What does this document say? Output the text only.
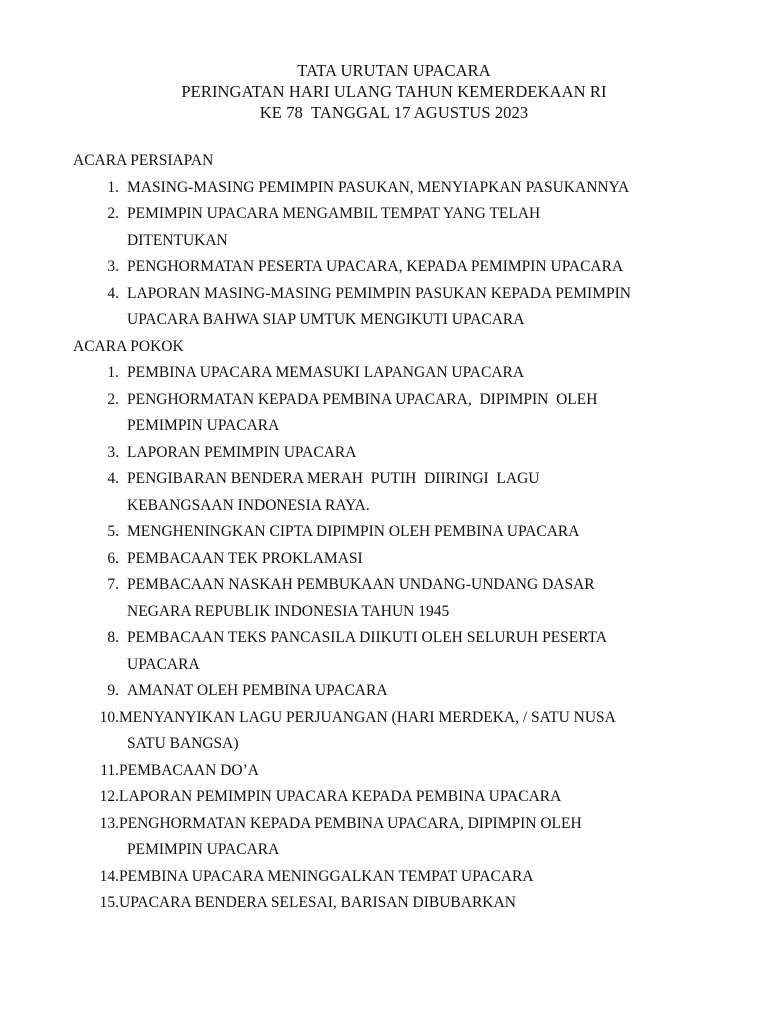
TATA URUTAN UPACARA
PERINGATAN HARI ULANG TAHUN KEMERDEKAAN RI
KE 78  TANGGAL 17 AGUSTUS 2023
ACARA PERSIAPAN
1. MASING-MASING PEMIMPIN PASUKAN, MENYIAPKAN PASUKANNYA
2. PEMIMPIN UPACARA MENGAMBIL TEMPAT YANG TELAH
DITENTUKAN
3. PENGHORMATAN PESERTA UPACARA, KEPADA PEMIMPIN UPACARA
4. LAPORAN MASING-MASING PEMIMPIN PASUKAN KEPADA PEMIMPIN
UPACARA BAHWA SIAP UMTUK MENGIKUTI UPACARA
ACARA POKOK
1. PEMBINA UPACARA MEMASUKI LAPANGAN UPACARA
2. PENGHORMATAN KEPADA PEMBINA UPACARA,  DIPIMPIN  OLEH
PEMIMPIN UPACARA
3. LAPORAN PEMIMPIN UPACARA
4. PENGIBARAN BENDERA MERAH  PUTIH  DIIRINGI  LAGU
KEBANGSAAN INDONESIA RAYA.
5. MENGHENINGKAN CIPTA DIPIMPIN OLEH PEMBINA UPACARA
6. PEMBACAAN TEK PROKLAMASI
7. PEMBACAAN NASKAH PEMBUKAAN UNDANG-UNDANG DASAR
NEGARA REPUBLIK INDONESIA TAHUN 1945
8. PEMBACAAN TEKS PANCASILA DIIKUTI OLEH SELURUH PESERTA
UPACARA
9. AMANAT OLEH PEMBINA UPACARA
10. MENYANYIKAN LAGU PERJUANGAN (HARI MERDEKA, / SATU NUSA
SATU BANGSA)
11. PEMBACAAN DO’A
12. LAPORAN PEMIMPIN UPACARA KEPADA PEMBINA UPACARA
13. PENGHORMATAN KEPADA PEMBINA UPACARA, DIPIMPIN OLEH
PEMIMPIN UPACARA
14. PEMBINA UPACARA MENINGGALKAN TEMPAT UPACARA
15. UPACARA BENDERA SELESAI, BARISAN DIBUBARKAN
